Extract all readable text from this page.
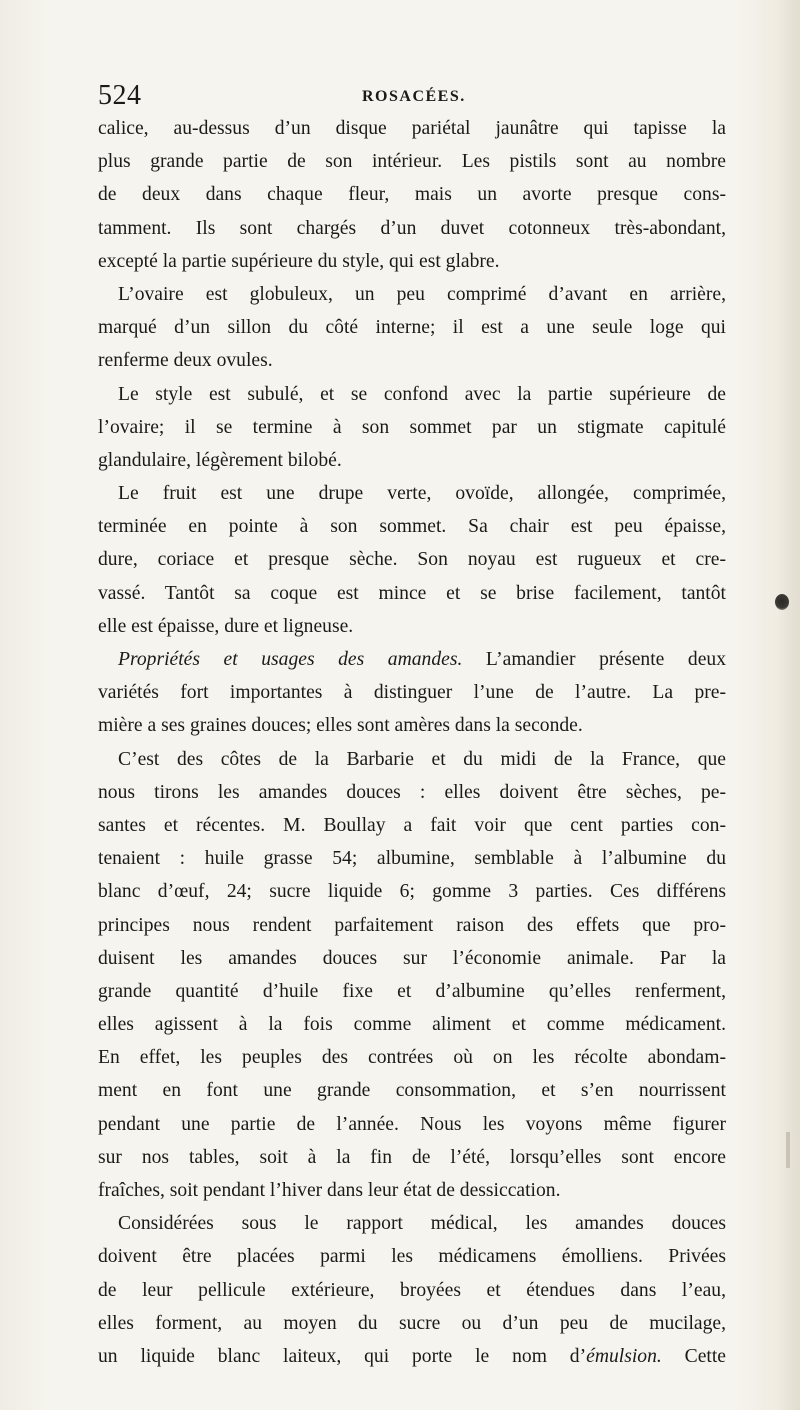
524	ROSACÉES.
calice, au-dessus d’un disque pariétal jaunâtre qui tapisse la
plus grande partie de son intérieur. Les pistils sont au nombre
de deux dans chaque fleur, mais un avorte presque cons-
tamment. Ils sont chargés d’un duvet cotonneux très-abondant,
excepté la partie supérieure du style, qui est glabre.
L’ovaire est globuleux, un peu comprimé d’avant en arrière,
marqué d’un sillon du côté interne; il est a une seule loge qui
renferme deux ovules.
Le style est subulé, et se confond avec la partie supérieure de
l’ovaire; il se termine à son sommet par un stigmate capitulé
glandulaire, légèrement bilobé.
Le fruit est une drupe verte, ovoïde, allongée, comprimée,
terminée en pointe à son sommet. Sa chair est peu épaisse,
dure, coriace et presque sèche. Son noyau est rugueux et cre-
vassé. Tantôt sa coque est mince et se brise facilement, tantôt
elle est épaisse, dure et ligneuse.
Propriétés et usages des amandes. L’amandier présente deux
variétés fort importantes à distinguer l’une de l’autre. La pre-
mière a ses graines douces; elles sont amères dans la seconde.
C’est des côtes de la Barbarie et du midi de la France, que
nous tirons les amandes douces : elles doivent être sèches, pe-
santes et récentes. M. Boullay a fait voir que cent parties con-
tenaient : huile grasse 54; albumine, semblable à l’albumine du
blanc d’œuf, 24; sucre liquide 6; gomme 3 parties. Ces différens
principes nous rendent parfaitement raison des effets que pro-
duisent les amandes douces sur l’économie animale. Par la
grande quantité d’huile fixe et d’albumine qu’elles renferment,
elles agissent à la fois comme aliment et comme médicament.
En effet, les peuples des contrées où on les récolte abondam-
ment en font une grande consommation, et s’en nourrissent
pendant une partie de l’année. Nous les voyons même figurer
sur nos tables, soit à la fin de l’été, lorsqu’elles sont encore
fraîches, soit pendant l’hiver dans leur état de dessiccation.
Considérées sous le rapport médical, les amandes douces
doivent être placées parmi les médicamens émolliens. Privées
de leur pellicule extérieure, broyées et étendues dans l’eau,
elles forment, au moyen du sucre ou d’un peu de mucilage,
un liquide blanc laiteux, qui porte le nom d’émulsion. Cette
